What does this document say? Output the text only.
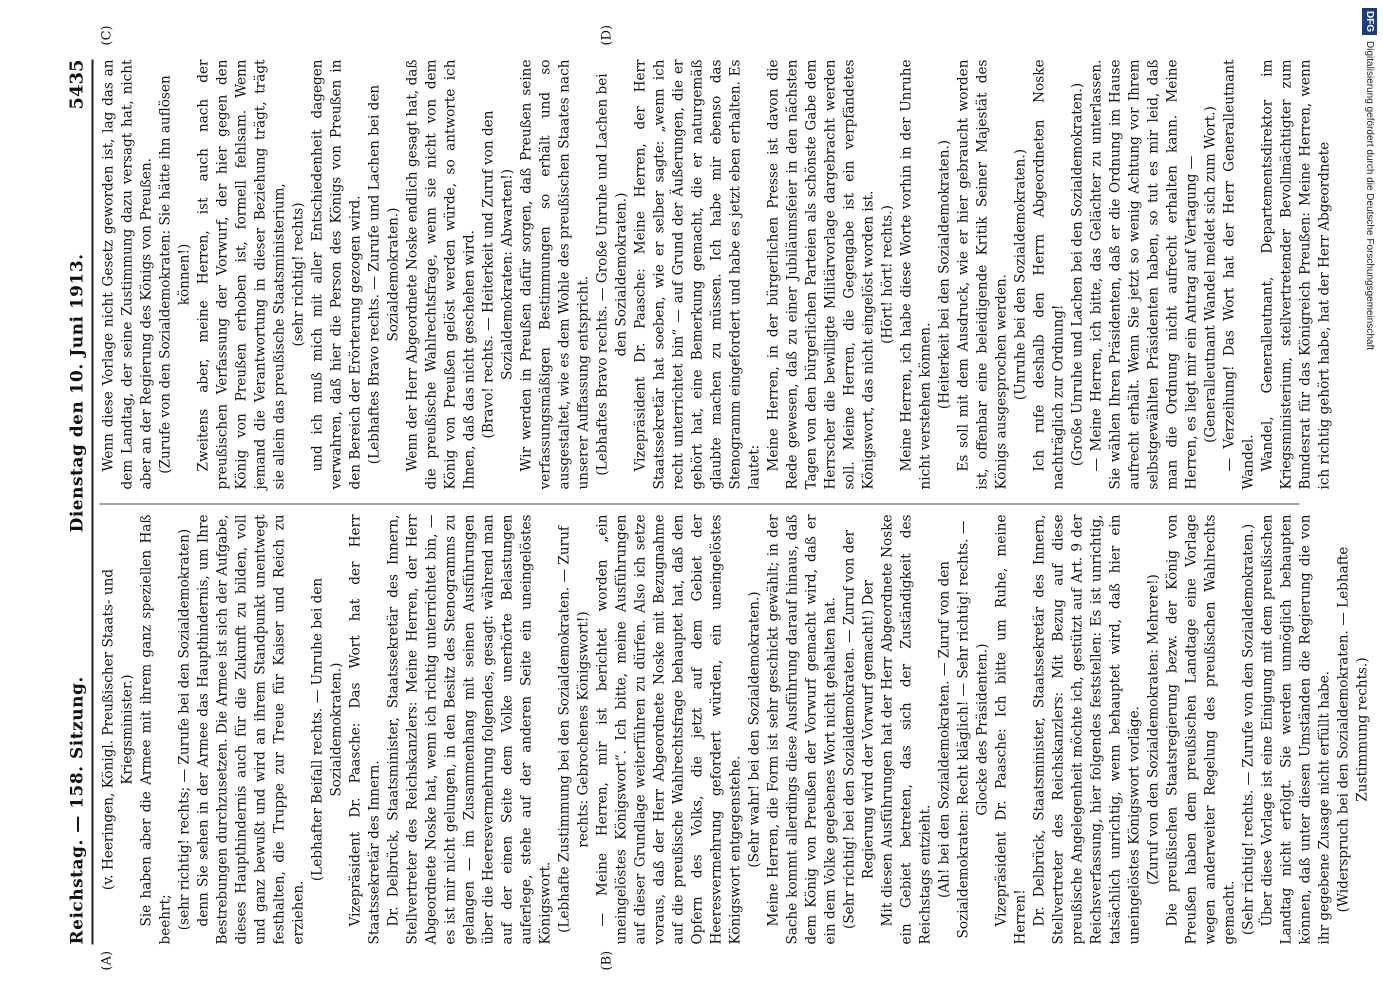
Reichstag. — 158. Sitzung.
Dienstag den 10. Juni 1913.
5435
(A)	(B)
(C)	(D)

(v. Heeringen, Königl. Preußischer Staats- und Kriegsminister.) Sie haben aber die Armee mit ihrem ganz speziellen Haß beehrt; (sehr richtig! rechts; — Zurufe bei den Sozialdemokraten) denn Sie sehen in der Armee das Haupthindernis, um Ihre Bestrebungen durchzusetzen. Die Armee ist sich der Aufgabe, dieses Haupthindernis auch für die Zukunft zu bilden, voll und ganz bewußt und wird an ihrem Standpunkt unentwegt festhalten, die Truppe zur Treue für Kaiser und Reich zu erziehen.

(Lebhafter Beifall rechts. — Unruhe bei den Sozialdemokraten.) Vizepräsident Dr. Paasche: Das Wort hat der Herr Staatssekretär des Innern. Dr. Delbrück, Staatsminister, Staatssekretär des Innern, Stellvertreter des Reichskanzlers: Meine Herren, der Herr Abgeordnete Noske hat, wenn ich richtig unterrichtet bin, — es ist mir nicht gelungen, in den Besitz des Stenogramms zu gelangen — im Zusammenhang mit seinen Ausführungen über die Heeresvermehrung folgendes, gesagt: während man auf der einen Seite dem Volke unerhörte Belastungen auferlege, stehe auf der anderen Seite ein uneingelöstes Königswort. (Lebhafte Zustimmung bei den Sozialdemokraten. — Zuruf rechts: Gebrochenes Königswort!) — Meine Herren, mir ist berichtet worden „ein uneingelöstes Königswort“. Ich bitte, meine Ausführungen auf dieser Grundlage weiterführen zu dürfen. Also ich setze voraus, daß der Herr Abgeordnete Noske mit Bezugnahme auf die preußische Wahlrechtsfrage behauptet hat, daß den Opfern des Volks, die jetzt auf dem Gebiet der Heeresvermehrung gefordert würden, ein uneingelöstes Königswort entgegenstehe. (Sehr wahr! bei den Sozialdemokraten.) Meine Herren, die Form ist sehr geschickt gewählt; in der Sache kommt allerdings diese Ausführung darauf hinaus, daß dem König von Preußen der Vorwurf gemacht wird, daß er ein dem Volke gegebenes Wort nicht gehalten hat. (Sehr richtig! bei den Sozialdemokraten. — Zuruf von der Regierung wird der Vorwurf gemacht!) Der Mit diesen Ausführungen hat der Herr Abgeordnete Noske ein Gebiet betreten, das sich der Zuständigkeit des Reichstags entzieht. (Ah! bei den Sozialdemokraten. — Zuruf von den Sozialdemokraten: Recht kläglich! — Sehr richtig! rechts. — Glocke des Präsidenten.) Vizepräsident Dr. Paasche: Ich bitte um Ruhe, meine Herren! Dr. Delbrück, Staatsminister, Staatssekretär des Innern, Stellvertreter des Reichskanzlers: Mit Bezug auf diese preußische Angelegenheit möchte ich, gestützt auf Art. 9 der Reichsverfassung, hier folgendes feststellen: Es ist unrichtig, tatsächlich unrichtig, wenn behauptet wird, daß hier ein uneingelöstes Königswort vorläge. (Zuruf von den Sozialdemokraten: Mehrere!) Die preußischen Staatsregierung bezw. der König von Preußen haben dem preußischen Landtage eine Vorlage wegen anderweiter Regelung des preußischen Wahlrechts gemacht. (Sehr richtig! rechts. — Zurufe von den Sozialdemokraten.) Über diese Vorlage ist eine Einigung mit dem preußischen Landtag nicht erfolgt. Sie werden unmöglich behaupten können, daß unter diesen Umständen die Regierung die von ihr gegebene Zusage nicht erfüllt habe. (Widerspruch bei den Sozialdemokraten. — Lebhafte Zustimmung rechts.)

Wenn diese Vorlage nicht Gesetz geworden ist, lag das an dem Landtag, der seine Zustimmung dazu versagt hat, nicht aber an der Regierung des Königs von Preußen. (Zurufe von den Sozialdemokraten: Sie hätte ihn auflösen können!) Zweitens aber, meine Herren, ist auch nach der preußischen Verfassung der Vorwurf, der hier gegen den König von Preußen erhoben ist, formell fehlsam. Wenn jemand die Verantwortung in dieser Beziehung trägt, trägt sie allein das preußische Staatsministerium, (sehr richtig! rechts) und ich muß mich mit aller Entschiedenheit dagegen verwahren, daß hier die Person des Königs von Preußen in den Bereich der Erörterung gezogen wird. (Lebhaftes Bravo rechts. — Zurufe und Lachen bei den Sozialdemokraten.) Wenn der Herr Abgeordnete Noske endlich gesagt hat, daß die preußische Wahlrechtsfrage, wenn sie nicht von dem König von Preußen gelöst werden würde, so antworte ich Ihnen, daß das nicht geschehen wird. (Bravo! rechts. — Heiterkeit und Zuruf von den Sozialdemokraten: Abwarten!) Wir werden in Preußen dafür sorgen, daß Preußen seine verfassungsmäßigen Bestimmungen so erhält und so ausgestaltet, wie es dem Wohle des preußischen Staates nach unserer Auffassung entspricht. (Lebhaftes Bravo rechts. — Große Unruhe und Lachen bei den Sozialdemokraten.) Vizepräsident Dr. Paasche: Meine Herren, der Herr Staatssekretär hat soeben, wie er selber sagte: „wenn ich recht unterrichtet bin“ — auf Grund der Äußerungen, die er gehört hat, eine Bemerkung gemacht, die er naturgemäß glaubte machen zu müssen. Ich habe mir ebenso das Stenogramm eingefordert und habe es jetzt eben erhalten. Es lautet: Meine Herren, in der bürgerlichen Presse ist davon die Rede gewesen, daß zu einer Jubiläumsfeier in den nächsten Tagen von den bürgerlichen Parteien als schönste Gabe dem Herrscher die bewilligte Militärvorlage dargebracht werden soll. Meine Herren, die Gegengabe ist ein verpfändetes Königswort, das nicht eingelöst worden ist. (Hört! hört! rechts.) Meine Herren, ich habe diese Worte vorhin in der Unruhe nicht verstehen können. (Heiterkeit bei den Sozialdemokraten.) Es soll mit dem Ausdruck, wie er hier gebraucht worden ist, offenbar eine beleidigende Kritik Seiner Majestät des Königs ausgesprochen werden. (Unruhe bei den Sozialdemokraten.) Ich rufe deshalb den Herrn Abgeordneten Noske nachträglich zur Ordnung! (Große Unruhe und Lachen bei den Sozialdemokraten.) — Meine Herren, ich bitte, das Gelächter zu unterlassen. Sie wählen Ihren Präsidenten, daß er die Ordnung im Hause aufrecht erhält. Wenn Sie jetzt so wenig Achtung vor Ihrem selbstgewählten Präsidenten haben, so tut es mir leid, daß man die Ordnung nicht aufrecht erhalten kann. Meine Herren, es liegt mir ein Antrag auf Vertagung — (Generalleutnant Wandel meldet sich zum Wort.) — Verzeihung! Das Wort hat der Herr Generalleutnant Wandel. Wandel, Generalleutnant, Departementsdirektor im Kriegsministerium, stellvertretender Bevollmächtigter zum Bundesrat für das Königreich Preußen: Meine Herren, wenn ich richtig gehört habe, hat der Herr Abgeordnete

DFG
Digitalisierung gefördert durch die Deutsche Forschungsgemeinschaft
